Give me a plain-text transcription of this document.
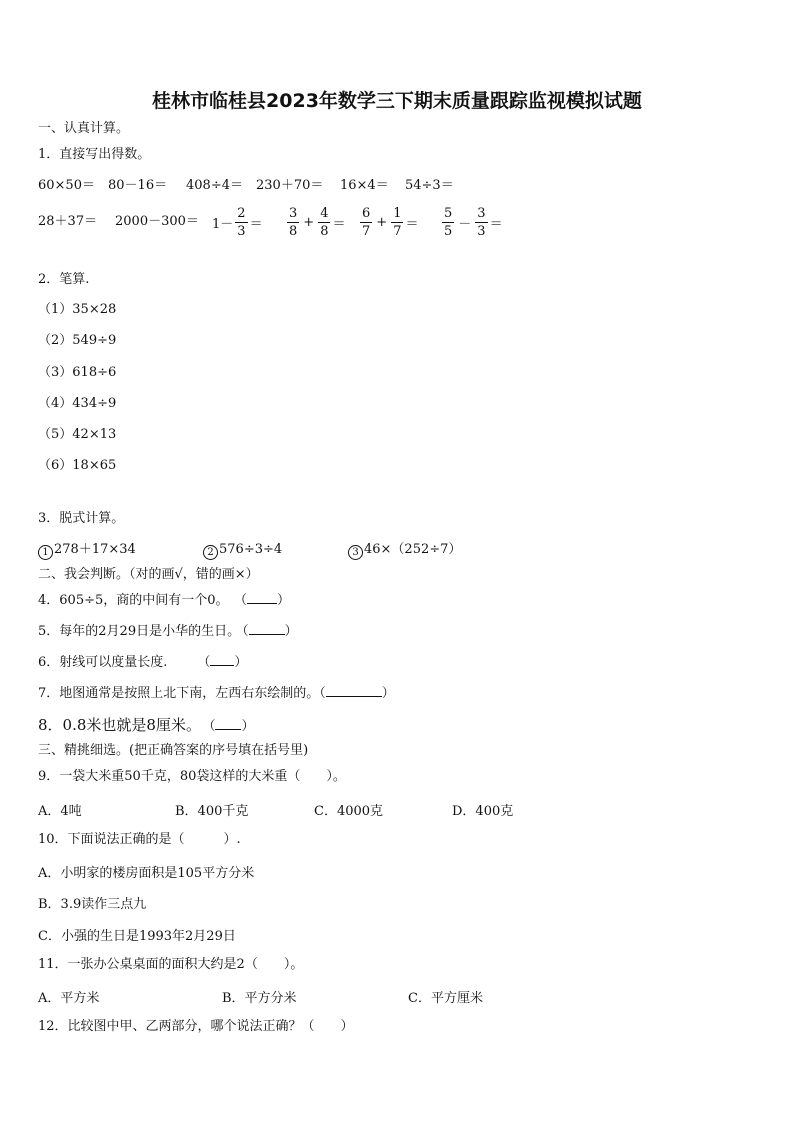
桂林市临桂县2023年数学三下期末质量跟踪监视模拟试题
一、认真计算。
1．直接写出得数。
60×50＝ 80－16＝ 408÷4＝ 230＋70＝ 16×4＝ 54÷3＝
$28+37= 2000-300= 1- \frac{2}{3} = \frac{3}{8} + \frac{4}{8} = \frac{6}{7} + \frac{1}{7} = \frac{5}{5} - \frac{3}{3}$ ＝
2．笔算.
（1）35×28
（2）549÷9
（3）618÷6
（4）434÷9
（5）42×13
（6）18×65
3．脱式计算。
1 278＋17×34	2 576÷3÷4	3 46×（252÷7）
二、我会判断。（对的画√，错的画×）
4．605÷5，商的中间有一个0。 （ ）
5．每年的2月29日是小华的生日。 （	）
6．射线可以度量长度. （ ）
7．地图通常是按照上北下南，左西右东绘制的。（	）
8．0.8米也就是8厘米。 （ ）
三、精挑细选。(把正确答案的序号填在括号里)
9．一袋大米重50千克，80袋这样的大米重（　　）。
A．4吨	B．400千克	C．4000克	D．400克
10．下面说法正确的是（　　　）.
A．小明家的楼房面积是105平方分米
B．3.9读作三点九
C．小强的生日是1993年2月29日
11．一张办公桌桌面的面积大约是2（　　）。
A．平方米	B．平方分米	C．平方厘米
12．比较图中甲、乙两部分，哪个说法正确？（　　）
